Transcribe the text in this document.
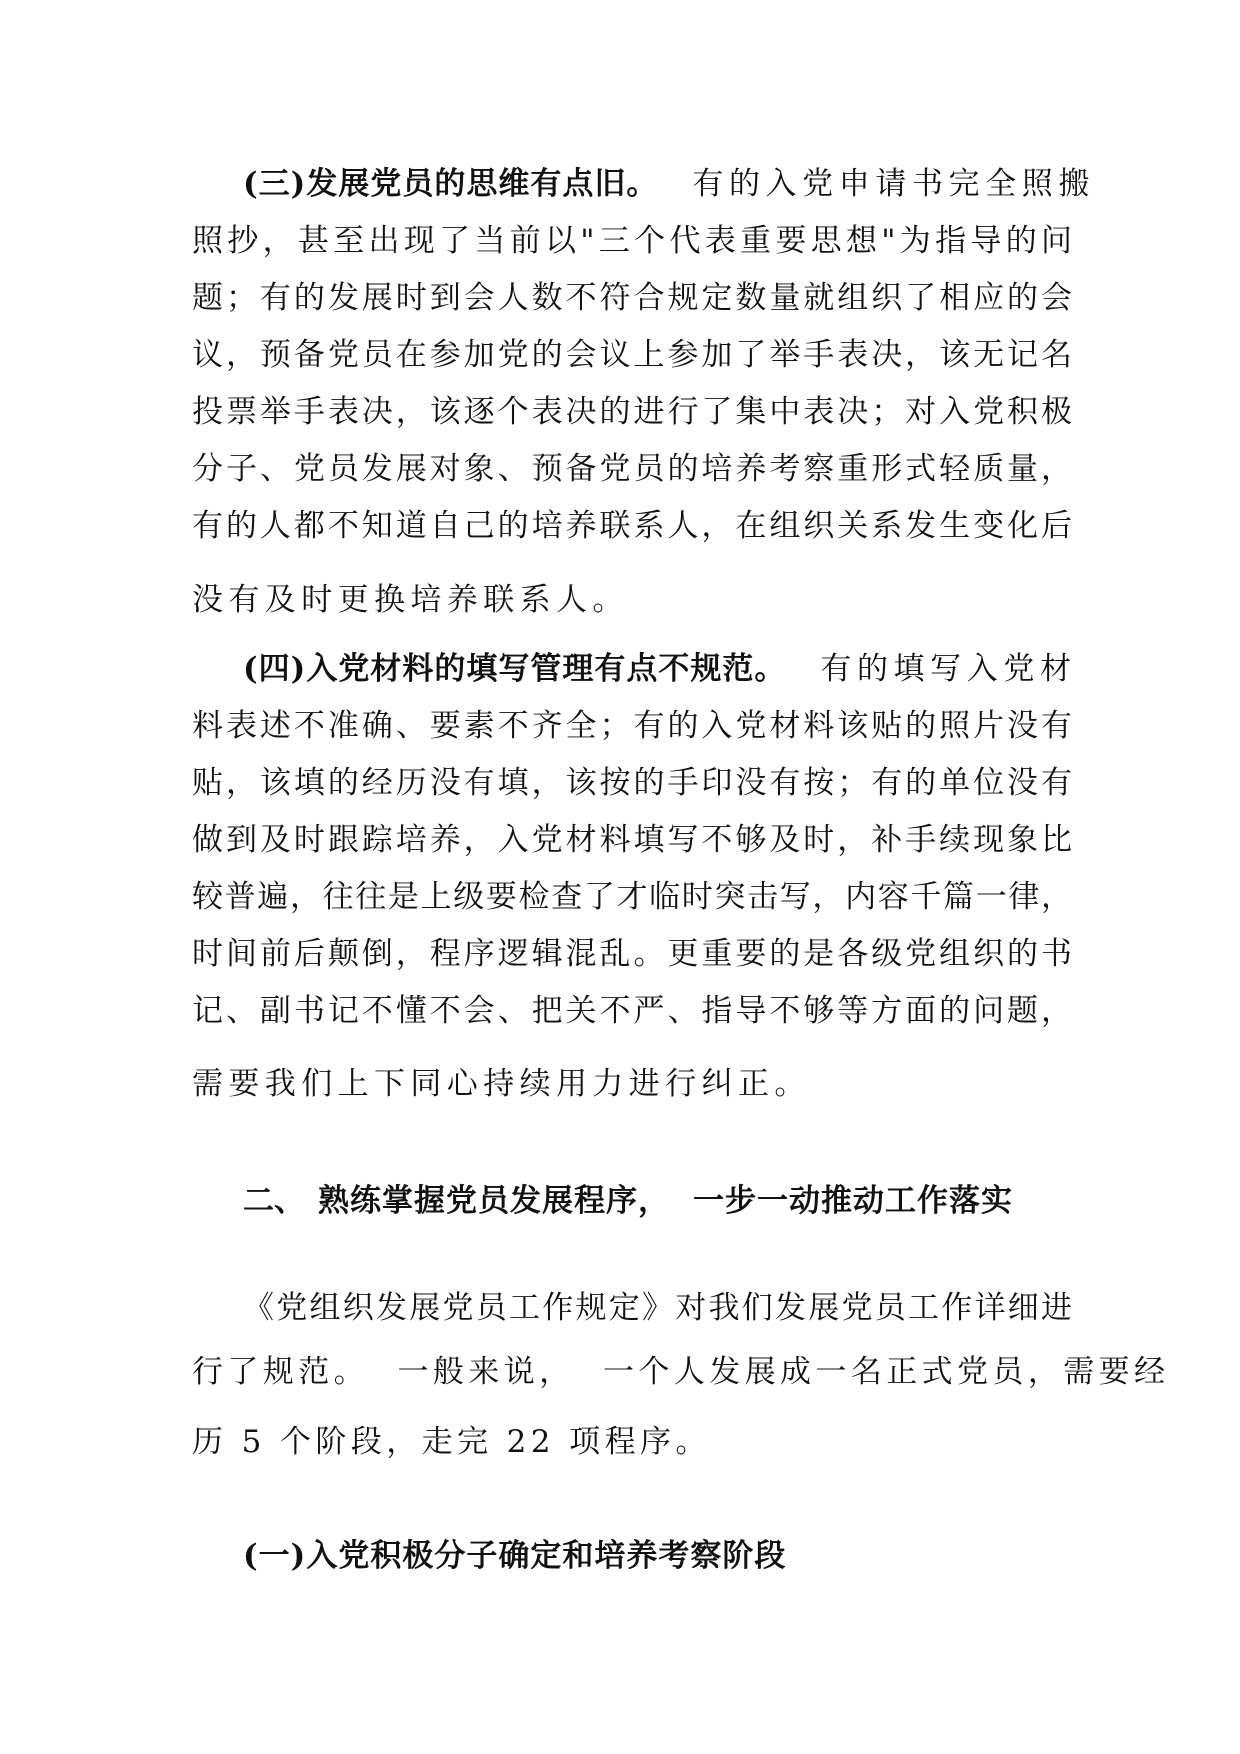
(三)发展党员的思维有点旧。 有的入党申请书完全照搬
照抄，甚至出现了当前以"三个代表重要思想"为指导的问
题；有的发展时到会人数不符合规定数量就组织了相应的会
议，预备党员在参加党的会议上参加了举手表决，该无记名
投票举手表决，该逐个表决的进行了集中表决；对入党积极
分子、党员发展对象、预备党员的培养考察重形式轻质量，
有的人都不知道自己的培养联系人，在组织关系发生变化后
没有及时更换培养联系人。
(四)入党材料的填写管理有点不规范。 有的填写入党材
料表述不准确、要素不齐全；有的入党材料该贴的照片没有
贴，该填的经历没有填，该按的手印没有按；有的单位没有
做到及时跟踪培养，入党材料填写不够及时，补手续现象比
较普遍，往往是上级要检查了才临时突击写，内容千篇一律，
时间前后颠倒，程序逻辑混乱。更重要的是各级党组织的书
记、副书记不懂不会、把关不严、指导不够等方面的问题，
需要我们上下同心持续用力进行纠正。
二、 熟练掌握党员发展程序， 一步一动推动工作落实
《党组织发展党员工作规定》对我们发展党员工作详细进
行了规范。  一般来说，  一个人发展成一名正式党员，需要经
历 5 个阶段，走完 22 项程序。
(一)入党积极分子确定和培养考察阶段
